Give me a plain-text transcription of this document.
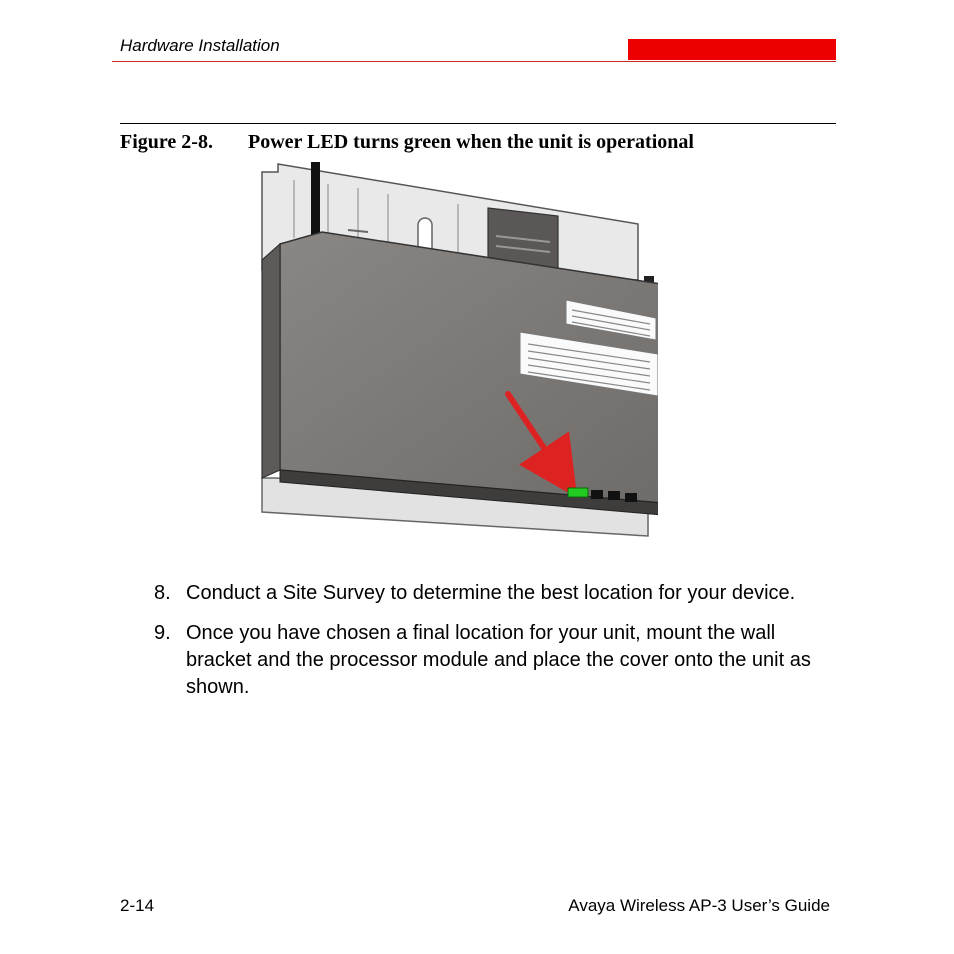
Hardware Installation
Figure 2-8. Power LED turns green when the unit is operational
8. Conduct a Site Survey to determine the best location for your device.
9. Once you have chosen a final location for your unit, mount the wall bracket and the processor module and place the cover onto the unit as shown.
2-14	Avaya Wireless AP-3 User’s Guide
